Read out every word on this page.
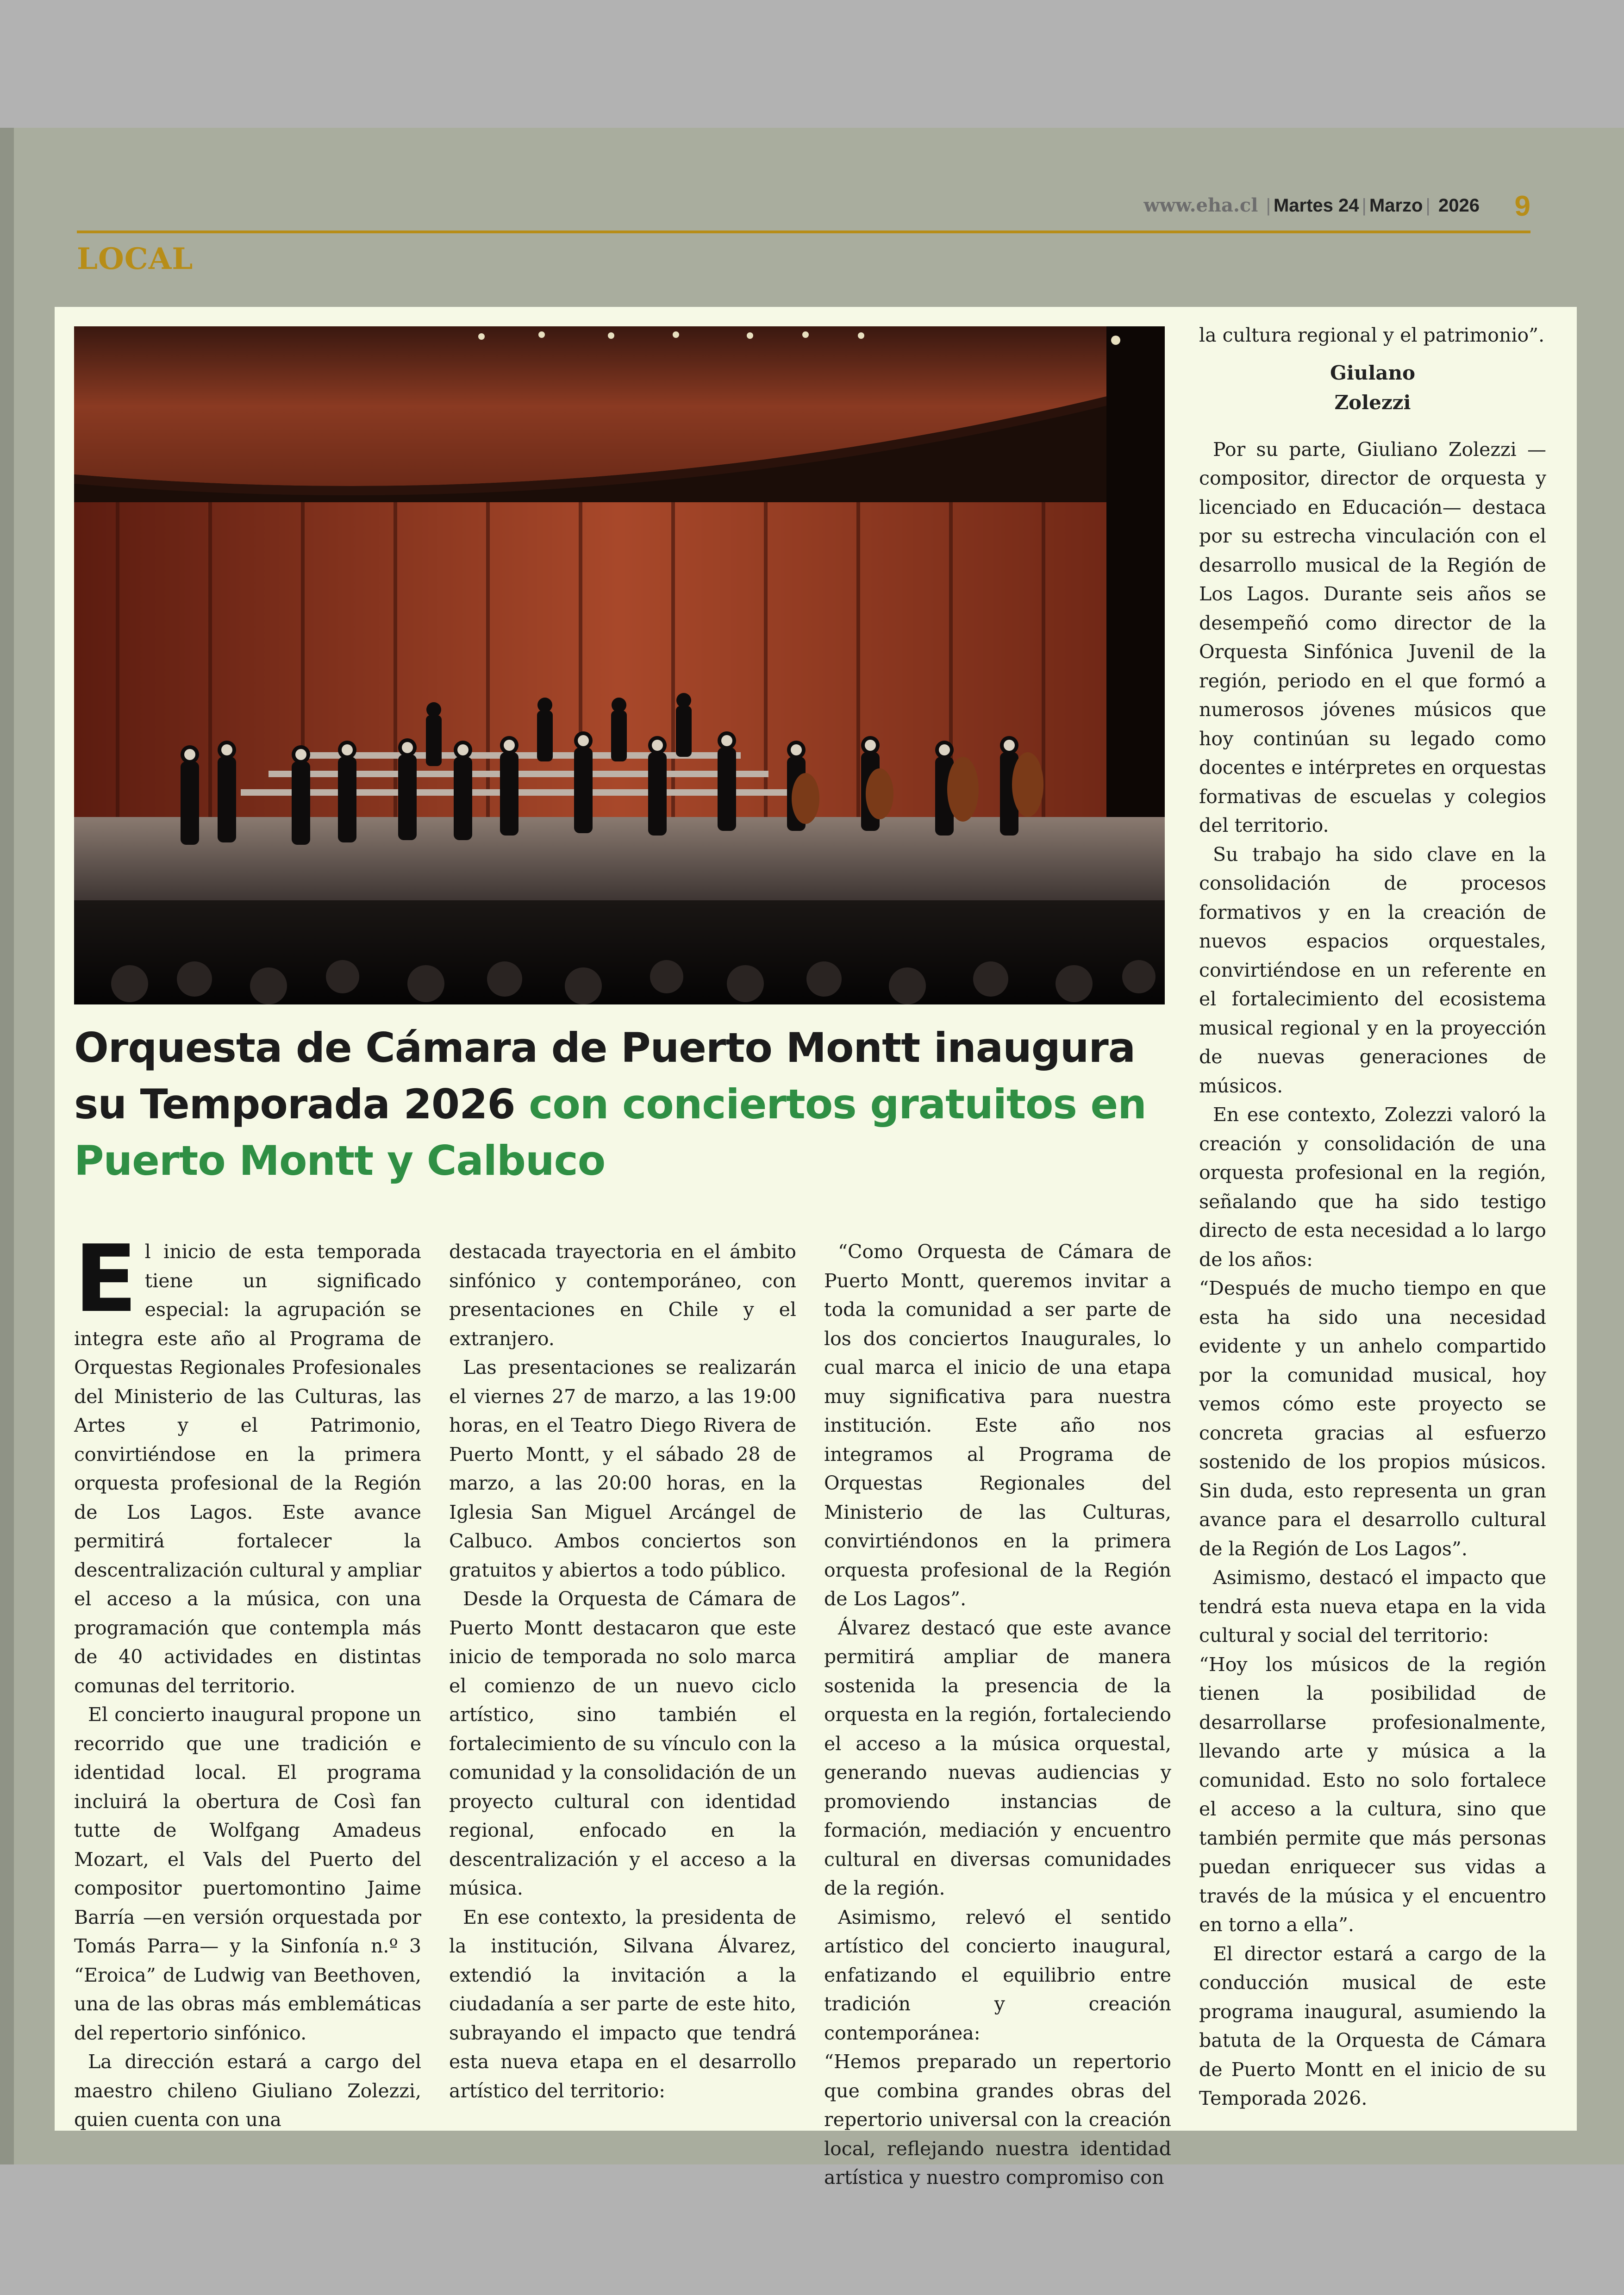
www.eha.cl | Martes 24 | Marzo | 2026 9
LOCAL
Orquesta de Cámara de Puerto Montt inaugura su Temporada 2026 con conciertos gratuitos en Puerto Montt y Calbuco

El inicio de esta temporada tiene un significado especial: la agrupación se integra este año al Programa de Orquestas Regionales Profesionales del Ministerio de las Culturas, las Artes y el Patrimonio, convirtiéndose en la primera orquesta profesional de la Región de Los Lagos. Este avance permitirá fortalecer la descentralización cultural y ampliar el acceso a la música, con una programación que contempla más de 40 actividades en distintas comunas del territorio.

El concierto inaugural propone un recorrido que une tradición e identidad local. El programa incluirá la obertura de Così fan tutte de Wolfgang Amadeus Mozart, el Vals del Puerto del compositor puertomontino Jaime Barría —en versión orquestada por Tomás Parra— y la Sinfonía n.º 3 “Eroica” de Ludwig van Beethoven, una de las obras más emblemáticas del repertorio sinfónico.

La dirección estará a cargo del maestro chileno Giuliano Zolezzi, quien cuenta con una

destacada trayectoria en el ámbito sinfónico y contemporáneo, con presentaciones en Chile y el extranjero.

Las presentaciones se realizarán el viernes 27 de marzo, a las 19:00 horas, en el Teatro Diego Rivera de Puerto Montt, y el sábado 28 de marzo, a las 20:00 horas, en la Iglesia San Miguel Arcángel de Calbuco. Ambos conciertos son gratuitos y abiertos a todo público.

Desde la Orquesta de Cámara de Puerto Montt destacaron que este inicio de temporada no solo marca el comienzo de un nuevo ciclo artístico, sino también el fortalecimiento de su vínculo con la comunidad y la consolidación de un proyecto cultural con identidad regional, enfocado en la descentralización y el acceso a la música.

En ese contexto, la presidenta de la institución, Silvana Álvarez, extendió la invitación a la ciudadanía a ser parte de este hito, subrayando el impacto que tendrá esta nueva etapa en el desarrollo artístico del territorio:

“Como Orquesta de Cámara de Puerto Montt, queremos invitar a toda la comunidad a ser parte de los dos conciertos Inaugurales, lo cual marca el inicio de una etapa muy significativa para nuestra institución. Este año nos integramos al Programa de Orquestas Regionales del Ministerio de las Culturas, convirtiéndonos en la primera orquesta profesional de la Región de Los Lagos”.

Álvarez destacó que este avance permitirá ampliar de manera sostenida la presencia de la orquesta en la región, fortaleciendo el acceso a la música orquestal, generando nuevas audiencias y promoviendo instancias de formación, mediación y encuentro cultural en diversas comunidades de la región.

Asimismo, relevó el sentido artístico del concierto inaugural, enfatizando el equilibrio entre tradición y creación contemporánea:

“Hemos preparado un repertorio que combina grandes obras del repertorio universal con la creación local, reflejando nuestra identidad artística y nuestro compromiso con

la cultura regional y el patrimonio”.

Giulano
Zolezzi

Por su parte, Giuliano Zolezzi —compositor, director de orquesta y licenciado en Educación— destaca por su estrecha vinculación con el desarrollo musical de la Región de Los Lagos. Durante seis años se desempeñó como director de la Orquesta Sinfónica Juvenil de la región, periodo en el que formó a numerosos jóvenes músicos que hoy continúan su legado como docentes e intérpretes en orquestas formativas de escuelas y colegios del territorio.

Su trabajo ha sido clave en la consolidación de procesos formativos y en la creación de nuevos espacios orquestales, convirtiéndose en un referente en el fortalecimiento del ecosistema musical regional y en la proyección de nuevas generaciones de músicos.

En ese contexto, Zolezzi valoró la creación y consolidación de una orquesta profesional en la región, señalando que ha sido testigo directo de esta necesidad a lo largo de los años:

“Después de mucho tiempo en que esta ha sido una necesidad evidente y un anhelo compartido por la comunidad musical, hoy vemos cómo este proyecto se concreta gracias al esfuerzo sostenido de los propios músicos. Sin duda, esto representa un gran avance para el desarrollo cultural de la Región de Los Lagos”.

Asimismo, destacó el impacto que tendrá esta nueva etapa en la vida cultural y social del territorio:

“Hoy los músicos de la región tienen la posibilidad de desarrollarse profesionalmente, llevando arte y música a la comunidad. Esto no solo fortalece el acceso a la cultura, sino que también permite que más personas puedan enriquecer sus vidas a través de la música y el encuentro en torno a ella”.

El director estará a cargo de la conducción musical de este programa inaugural, asumiendo la batuta de la Orquesta de Cámara de Puerto Montt en el inicio de su Temporada 2026.
